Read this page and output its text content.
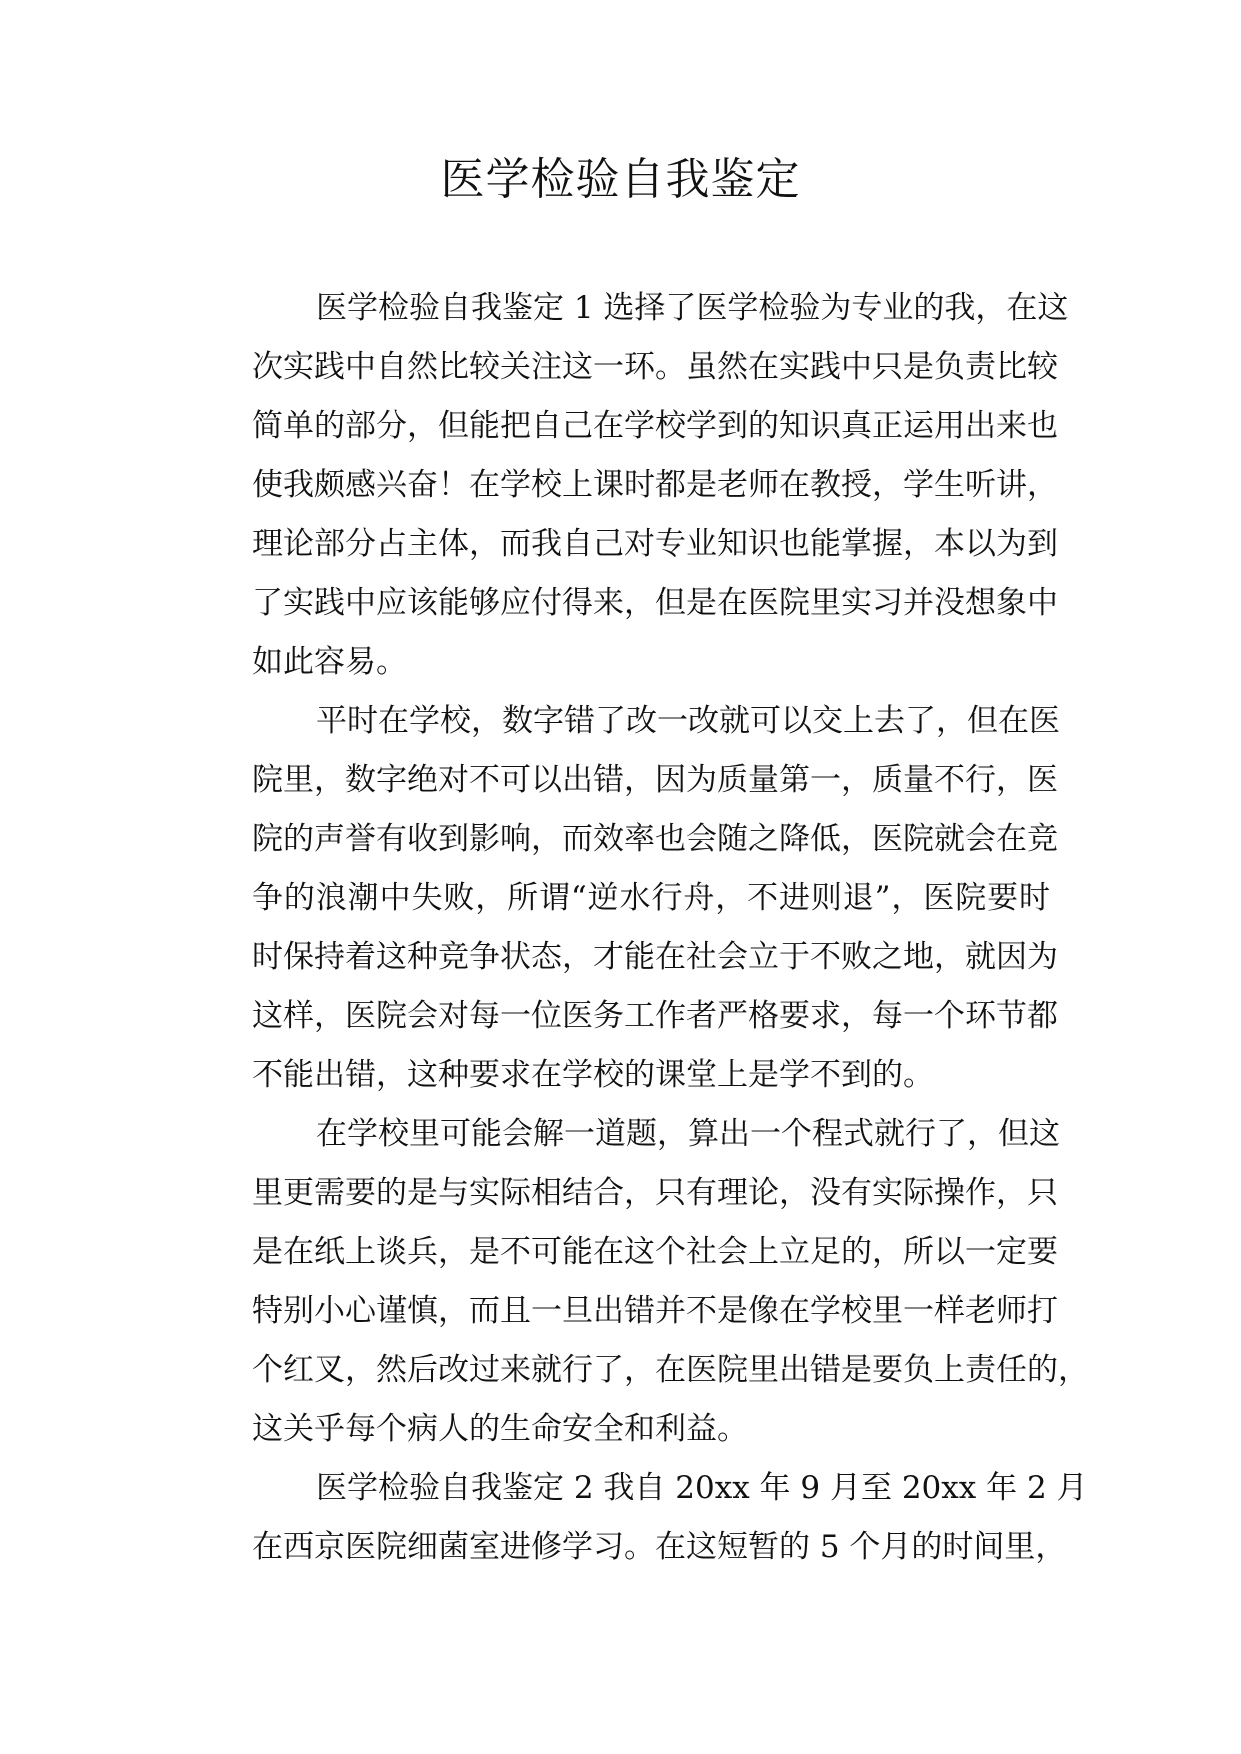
医学检验自我鉴定
医学检验自我鉴定 1 选择了医学检验为专业的我，在这
次实践中自然比较关注这一环。虽然在实践中只是负责比较
简单的部分，但能把自己在学校学到的知识真正运用出来也
使我颇感兴奋！在学校上课时都是老师在教授，学生听讲，
理论部分占主体，而我自己对专业知识也能掌握，本以为到
了实践中应该能够应付得来，但是在医院里实习并没想象中
如此容易。
平时在学校，数字错了改一改就可以交上去了，但在医
院里，数字绝对不可以出错，因为质量第一，质量不行，医
院的声誉有收到影响，而效率也会随之降低，医院就会在竞
争的浪潮中失败，所谓“逆水行舟，不进则退”，医院要时
时保持着这种竞争状态，才能在社会立于不败之地，就因为
这样，医院会对每一位医务工作者严格要求，每一个环节都
不能出错，这种要求在学校的课堂上是学不到的。
在学校里可能会解一道题，算出一个程式就行了，但这
里更需要的是与实际相结合，只有理论，没有实际操作，只
是在纸上谈兵，是不可能在这个社会上立足的，所以一定要
特别小心谨慎，而且一旦出错并不是像在学校里一样老师打
个红叉，然后改过来就行了，在医院里出错是要负上责任的，
这关乎每个病人的生命安全和利益。
医学检验自我鉴定 2 我自 20xx 年 9 月至 20xx 年 2 月
在西京医院细菌室进修学习。在这短暂的 5 个月的时间里，
